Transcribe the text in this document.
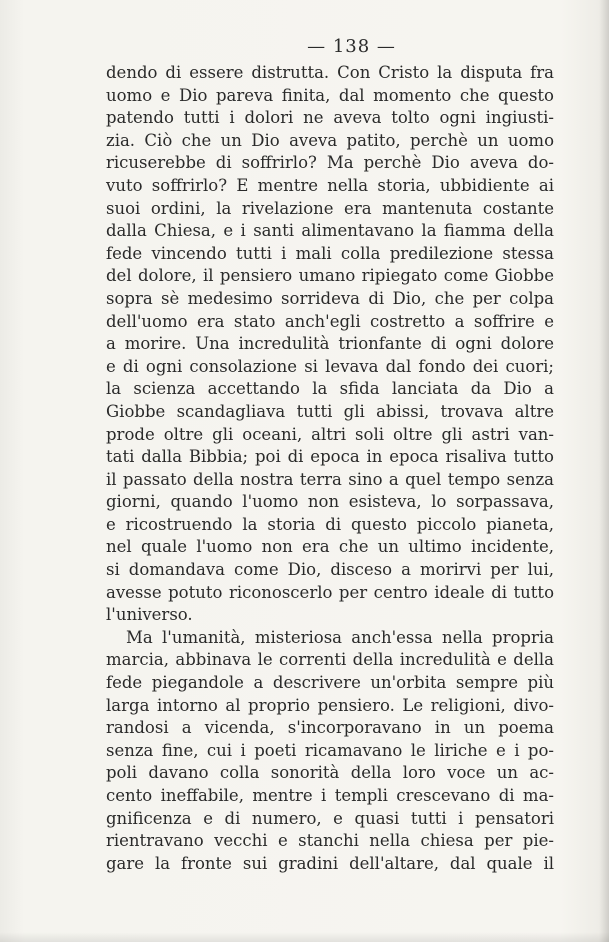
— 138 —
dendo di essere distrutta. Con Cristo la disputa fra
uomo e Dio pareva finita, dal momento che questo
patendo tutti i dolori ne aveva tolto ogni ingiusti-
zia. Ciò che un Dio aveva patito, perchè un uomo
ricuserebbe di soffrirlo? Ma perchè Dio aveva do-
vuto soffrirlo? E mentre nella storia, ubbidiente ai
suoi ordini, la rivelazione era mantenuta costante
dalla Chiesa, e i santi alimentavano la fiamma della
fede vincendo tutti i mali colla predilezione stessa
del dolore, il pensiero umano ripiegato come Giobbe
sopra sè medesimo sorrideva di Dio, che per colpa
dell'uomo era stato anch'egli costretto a soffrire e
a morire. Una incredulità trionfante di ogni dolore
e di ogni consolazione si levava dal fondo dei cuori;
la scienza accettando la sfida lanciata da Dio a
Giobbe scandagliava tutti gli abissi, trovava altre
prode oltre gli oceani, altri soli oltre gli astri van-
tati dalla Bibbia; poi di epoca in epoca risaliva tutto
il passato della nostra terra sino a quel tempo senza
giorni, quando l'uomo non esisteva, lo sorpassava,
e ricostruendo la storia di questo piccolo pianeta,
nel quale l'uomo non era che un ultimo incidente,
si domandava come Dio, disceso a morirvi per lui,
avesse potuto riconoscerlo per centro ideale di tutto
l'universo.
Ma l'umanità, misteriosa anch'essa nella propria
marcia, abbinava le correnti della incredulità e della
fede piegandole a descrivere un'orbita sempre più
larga intorno al proprio pensiero. Le religioni, divo-
randosi a vicenda, s'incorporavano in un poema
senza fine, cui i poeti ricamavano le liriche e i po-
poli davano colla sonorità della loro voce un ac-
cento ineffabile, mentre i templi crescevano di ma-
gnificenza e di numero, e quasi tutti i pensatori
rientravano vecchi e stanchi nella chiesa per pie-
gare la fronte sui gradini dell'altare, dal quale il
